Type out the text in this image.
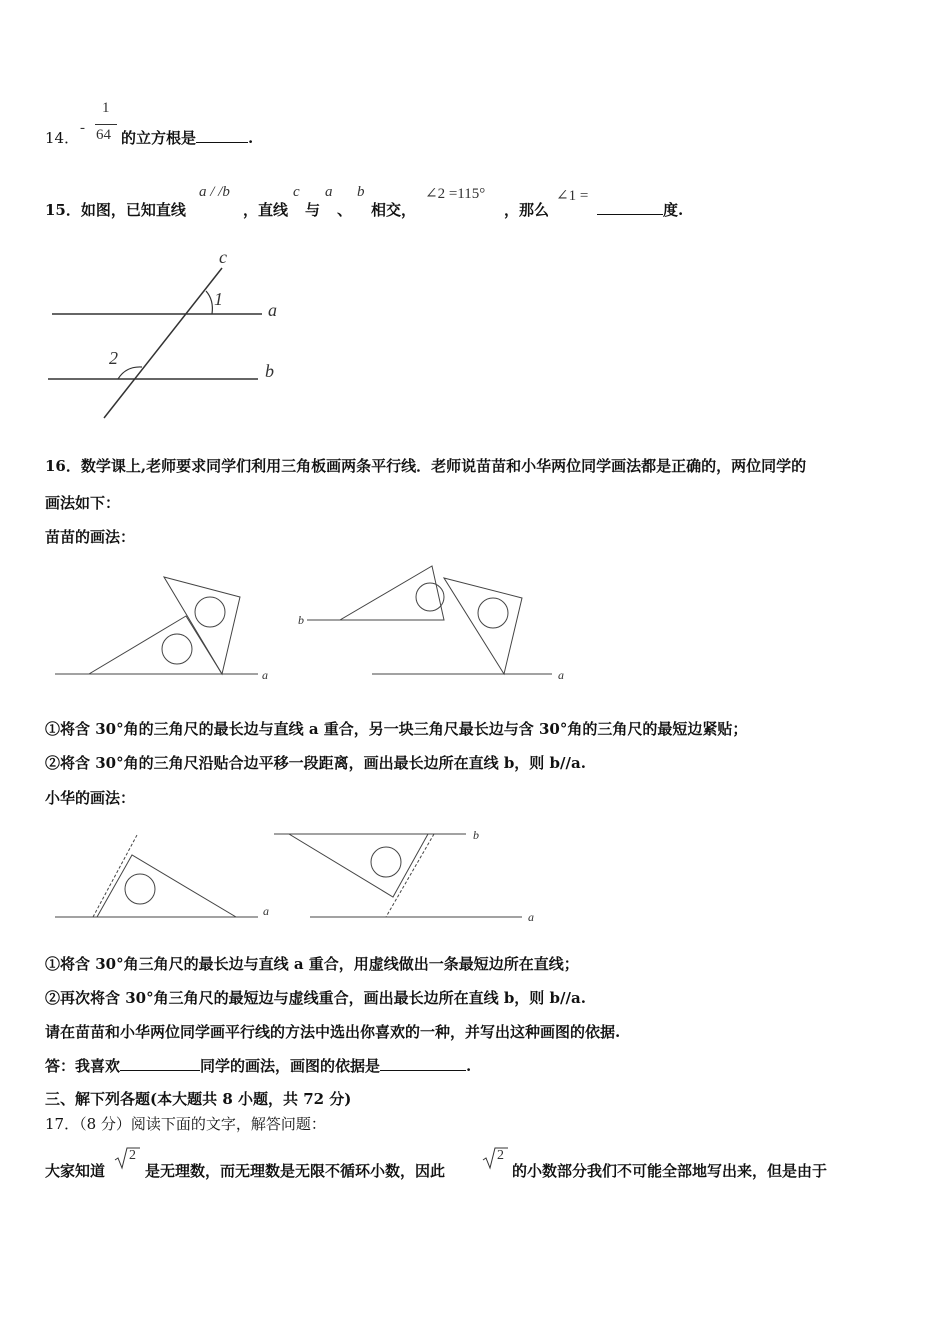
14．
-
1
64 的立方根是	.
15．如图，已知直线
a / /b
，直线
c
与
a
、
b
相交，
∠2 =115°
，那么
∠1 =
度.
c
1
a
2
b
16．数学课上,老师要求同学们利用三角板画两条平行线．老师说苗苗和小华两位同学画法都是正确的，两位同学的
画法如下：
苗苗的画法：
a
b
a
①将含 30°角的三角尺的最长边与直线 a 重合，另一块三角尺最长边与含 30°角的三角尺的最短边紧贴；
②将含 30°角的三角尺沿贴合边平移一段距离，画出最长边所在直线 b，则 b//a.
小华的画法：
a
b
a
①将含 30°角三角尺的最长边与直线 a 重合，用虚线做出一条最短边所在直线；
②再次将含 30°角三角尺的最短边与虚线重合，画出最长边所在直线 b，则 b//a.
请在苗苗和小华两位同学画平行线的方法中选出你喜欢的一种，并写出这种画图的依据.
答：我喜欢	同学的画法，画图的依据是	.
三、解下列各题(本大题共 8 小题，共 72 分)
17．（8 分）阅读下面的文字，解答问题：
大家知道
2
是无理数，而无理数是无限不循环小数，因此
2
的小数部分我们不可能全部地写出来，但是由于
